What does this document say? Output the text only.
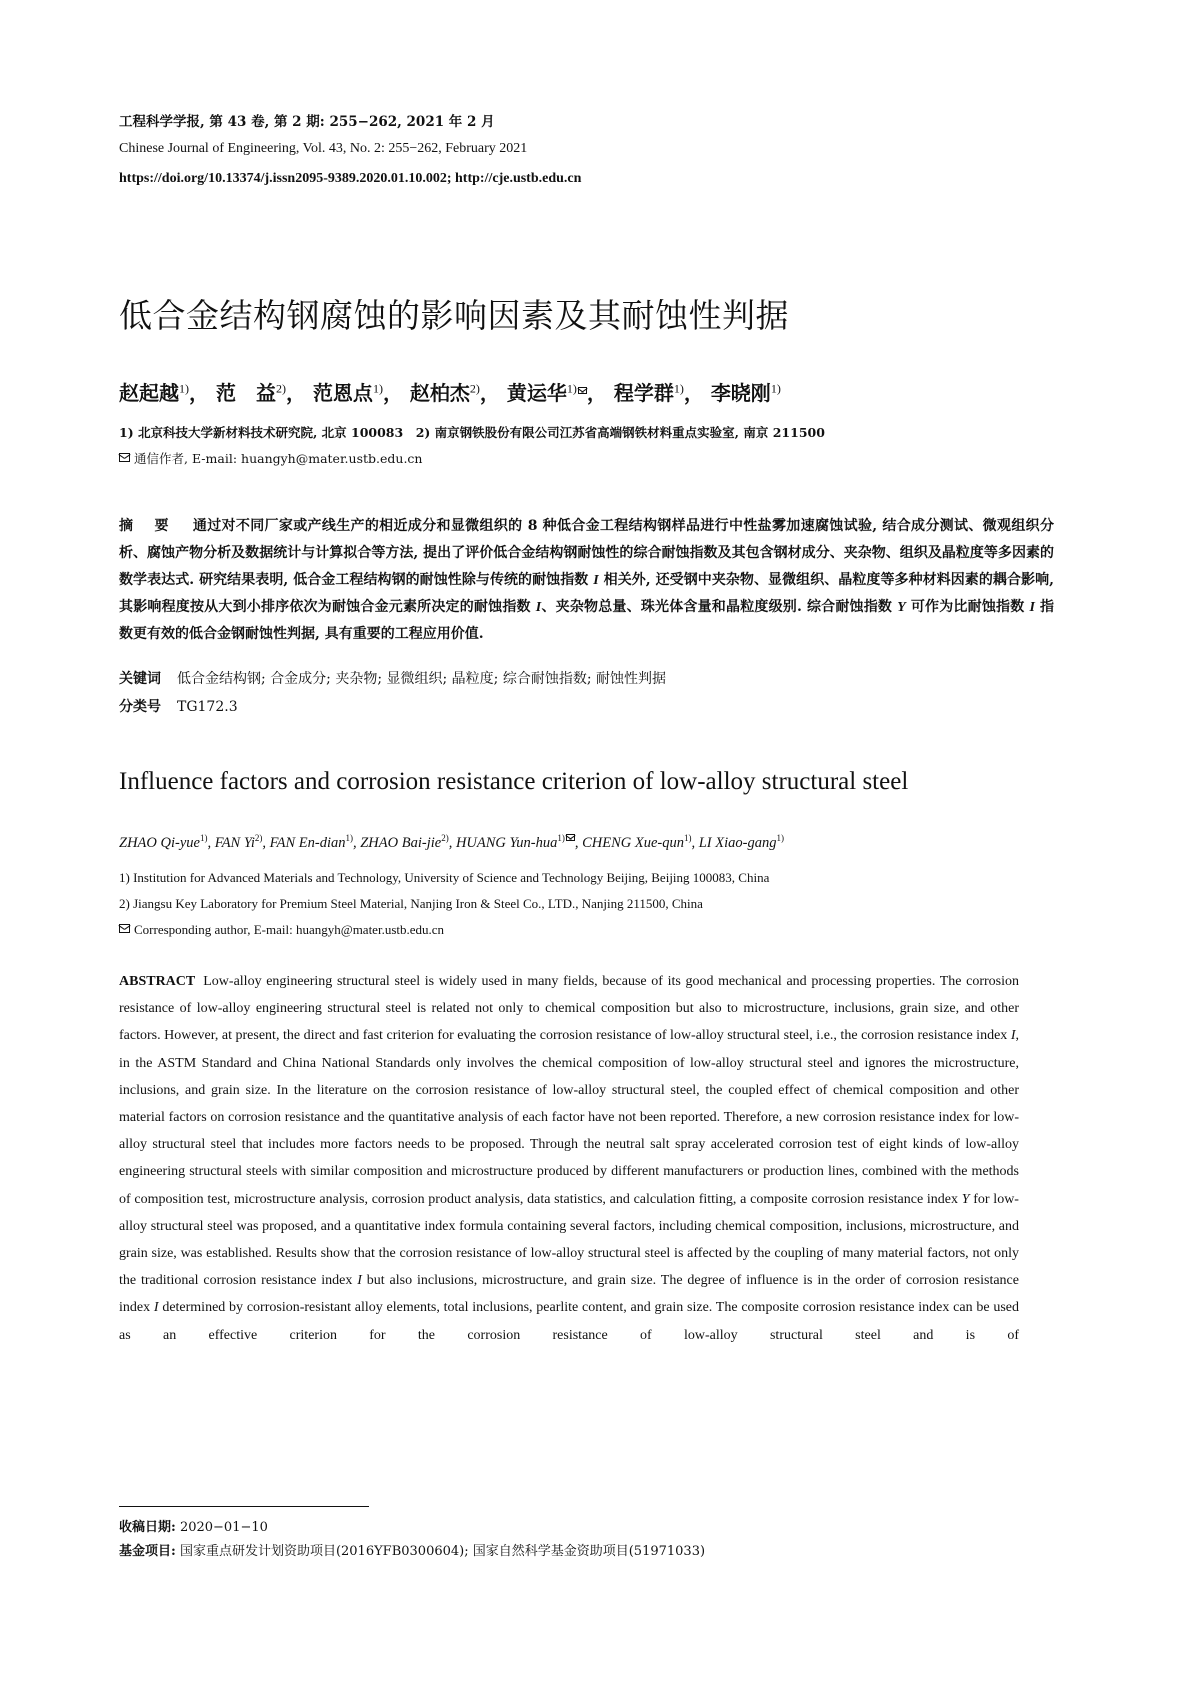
工程科学学报, 第 43 卷, 第 2 期: 255−262, 2021 年 2 月
Chinese Journal of Engineering, Vol. 43, No. 2: 255−262, February 2021
https://doi.org/10.13374/j.issn2095-9389.2020.01.10.002; http://cje.ustb.edu.cn
低合金结构钢腐蚀的影响因素及其耐蚀性判据
赵起越$^{1)}$， 范　益$^{2)}$， 范恩点$^{1)}$， 赵柏杰$^{2)}$， 黄运华$^{1)}$ ， 程学群$^{1)}$， 李晓刚$^{1)}$
1) 北京科技大学新材料技术研究院, 北京 100083　2) 南京钢铁股份有限公司江苏省高端钢铁材料重点实验室, 南京 211500
通信作者, E-mail: huangyh@mater.ustb.edu.cn
摘 要 通过对不同厂家或产线生产的相近成分和显微组织的 8 种低合金工程结构钢样品进行中性盐雾加速腐蚀试验, 结合成分测试、微观组织分析、腐蚀产物分析及数据统计与计算拟合等方法, 提出了评价低合金结构钢耐蚀性的综合耐蚀指数及其包含钢材成分、夹杂物、组织及晶粒度等多因素的数学表达式. 研究结果表明, 低合金工程结构钢的耐蚀性除与传统的耐蚀指数 I 相关外, 还受钢中夹杂物、显微组织、晶粒度等多种材料因素的耦合影响, 其影响程度按从大到小排序依次为耐蚀合金元素所决定的耐蚀指数 I、夹杂物总量、珠光体含量和晶粒度级别. 综合耐蚀指数 Y 可作为比耐蚀指数 I 指数更有效的低合金钢耐蚀性判据, 具有重要的工程应用价值.
关键词 低合金结构钢; 合金成分; 夹杂物; 显微组织; 晶粒度; 综合耐蚀指数; 耐蚀性判据
分类号 TG172.3
Influence factors and corrosion resistance criterion of low-alloy structural steel
ZHAO Qi-yue$^{1)}$, FAN Yi$^{2)}$, FAN En-dian$^{1)}$, ZHAO Bai-jie$^{2)}$, HUANG Yun-hua$^{1)}$ , CHENG Xue-qun$^{1)}$, LI Xiao-gang$^{1)}$
1) Institution for Advanced Materials and Technology, University of Science and Technology Beijing, Beijing 100083, China
2) Jiangsu Key Laboratory for Premium Steel Material, Nanjing Iron & Steel Co., LTD., Nanjing 211500, China
Corresponding author, E-mail: huangyh@mater.ustb.edu.cn
ABSTRACT Low-alloy engineering structural steel is widely used in many fields, because of its good mechanical and processing properties. The corrosion resistance of low-alloy engineering structural steel is related not only to chemical composition but also to microstructure, inclusions, grain size, and other factors. However, at present, the direct and fast criterion for evaluating the corrosion resistance of low-alloy structural steel, i.e., the corrosion resistance index I, in the ASTM Standard and China National Standards only involves the chemical composition of low-alloy structural steel and ignores the microstructure, inclusions, and grain size. In the literature on the corrosion resistance of low-alloy structural steel, the coupled effect of chemical composition and other material factors on corrosion resistance and the quantitative analysis of each factor have not been reported. Therefore, a new corrosion resistance index for low-alloy structural steel that includes more factors needs to be proposed. Through the neutral salt spray accelerated corrosion test of eight kinds of low-alloy engineering structural steels with similar composition and microstructure produced by different manufacturers or production lines, combined with the methods of composition test, microstructure analysis, corrosion product analysis, data statistics, and calculation fitting, a composite corrosion resistance index Y for low-alloy structural steel was proposed, and a quantitative index formula containing several factors, including chemical composition, inclusions, microstructure, and grain size, was established. Results show that the corrosion resistance of low-alloy structural steel is affected by the coupling of many material factors, not only the traditional corrosion resistance index I but also inclusions, microstructure, and grain size. The degree of influence is in the order of corrosion resistance index I determined by corrosion-resistant alloy elements, total inclusions, pearlite content, and grain size. The composite corrosion resistance index can be used as an effective criterion for the corrosion resistance of low-alloy structural steel and is of
收稿日期: 2020−01−10
基金项目: 国家重点研发计划资助项目(2016YFB0300604); 国家自然科学基金资助项目(51971033)
